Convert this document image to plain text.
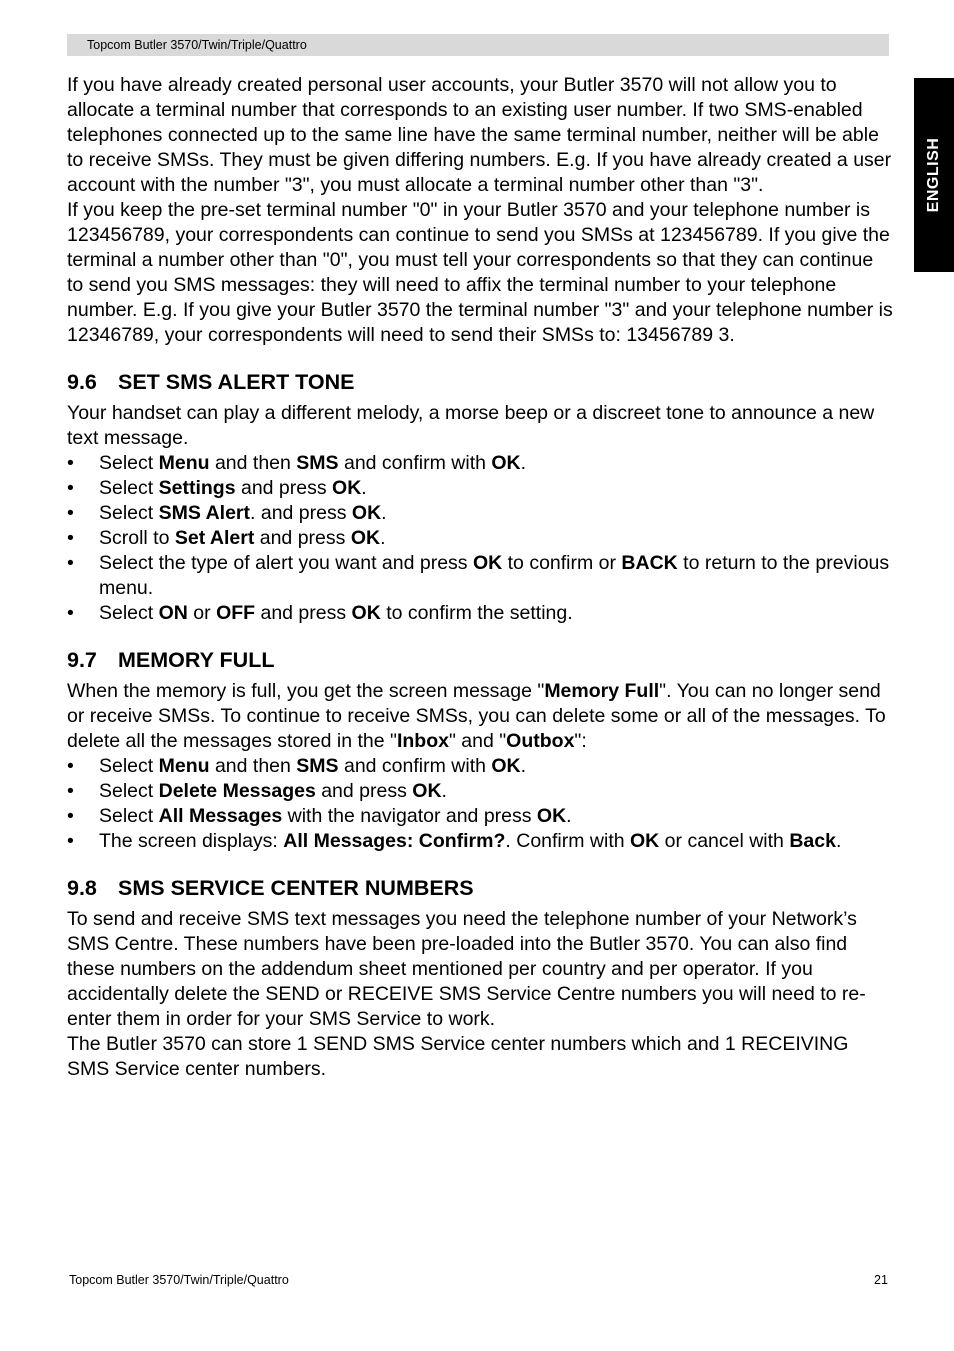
Topcom Butler 3570/Twin/Triple/Quattro
ENGLISH

If you have already created personal user accounts, your Butler 3570 will not allow you to allocate a terminal number that corresponds to an existing user number. If two SMS-enabled telephones connected up to the same line have the same terminal number, neither will be able to receive SMSs. They must be given differing numbers. E.g. If you have already created a user account with the number "3", you must allocate a terminal number other than "3".

If you keep the pre-set terminal number "0" in your Butler 3570 and your telephone number is 123456789, your correspondents can continue to send you SMSs at 123456789. If you give the terminal a number other than "0", you must tell your correspondents so that they can continue to send you SMS messages: they will need to affix the terminal number to your telephone number. E.g. If you give your Butler 3570 the terminal number "3" and your telephone number is 12346789, your correspondents will need to send their SMSs to: 13456789 3.

9.6 SET SMS ALERT TONE

Your handset can play a different melody, a morse beep or a discreet tone to announce a new text message.

• Select Menu and then SMS and confirm with OK.
• Select Settings and press OK.
• Select SMS Alert. and press OK.
• Scroll to Set Alert and press OK.
• Select the type of alert you want and press OK to confirm or BACK to return to the previous menu.
• Select ON or OFF and press OK to confirm the setting.
9.7 MEMORY FULL

When the memory is full, you get the screen message "Memory Full". You can no longer send or receive SMSs. To continue to receive SMSs, you can delete some or all of the messages. To delete all the messages stored in the "Inbox" and "Outbox":

• Select Menu and then SMS and confirm with OK.
• Select Delete Messages and press OK.
• Select All Messages with the navigator and press OK.
• The screen displays: All Messages: Confirm?. Confirm with OK or cancel with Back.
9.8 SMS SERVICE CENTER NUMBERS

To send and receive SMS text messages you need the telephone number of your Network’s SMS Centre. These numbers have been pre-loaded into the Butler 3570. You can also find these numbers on the addendum sheet mentioned per country and per operator. If you accidentally delete the SEND or RECEIVE SMS Service Centre numbers you will need to re-enter them in order for your SMS Service to work.

The Butler 3570 can store 1 SEND SMS Service center numbers which and 1 RECEIVING SMS Service center numbers.

Topcom Butler 3570/Twin/Triple/Quattro	21
